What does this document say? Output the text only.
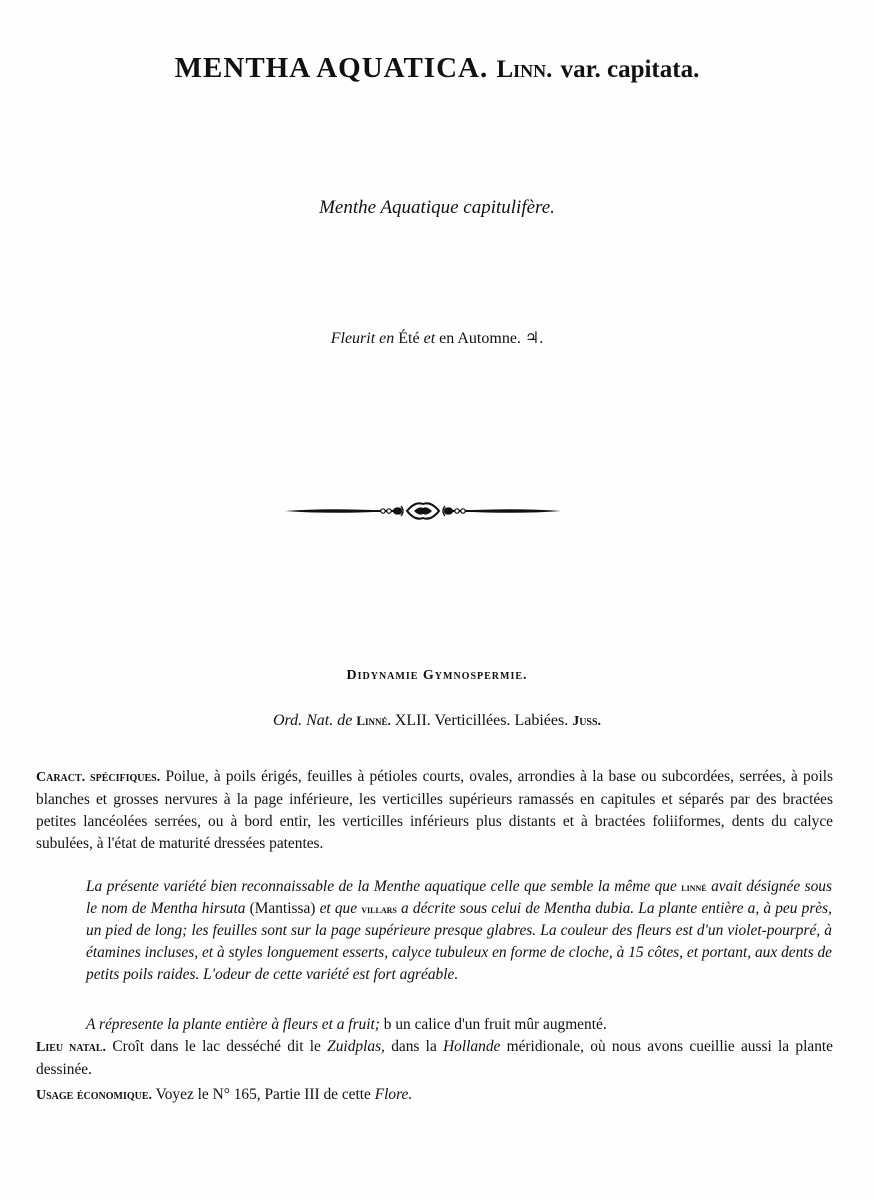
MENTHA AQUATICA. Linn. var. capitata.
Menthe Aquatique capitulifère.
Fleurit en Été et en Automne. ♃.
Didynamie Gymnospermie.
Ord. Nat. de Linné. XLII. Verticillées. Labiées. Juss.
Caract. spécifiques. Poilue, à poils érigés, feuilles à pétioles courts, ovales, arrondies à la base ou subcordées, serrées, à poils blanches et grosses nervures à la page inférieure, les verticilles supérieurs ramassés en capitules et séparés par des bractées petites lancéolées serrées, ou à bord entir, les verticilles inférieurs plus distants et à bractées foliiformes, dents du calyce subulées, à l'état de maturité dressées patentes.
La présente variété bien reconnaissable de la Menthe aquatique celle que semble la même que linné avait désignée sous le nom de Mentha hirsuta (Mantissa) et que villars a décrite sous celui de Mentha dubia. La plante entière a, à peu près, un pied de long; les feuilles sont sur la page supérieure presque glabres. La couleur des fleurs est d'un violet-pourpré, à étamines incluses, et à styles longuement esserts, calyce tubuleux en forme de cloche, à 15 côtes, et portant, aux dents de petits poils raides. L'odeur de cette variété est fort agréable.
A répresente la plante entière à fleurs et a fruit; b un calice d'un fruit mûr augmenté.
Lieu natal. Croît dans le lac desséché dit le Zuidplas, dans la Hollande méridionale, où nous avons cueillie aussi la plante dessinée.
Usage économique. Voyez le N° 165, Partie III de cette Flore.
